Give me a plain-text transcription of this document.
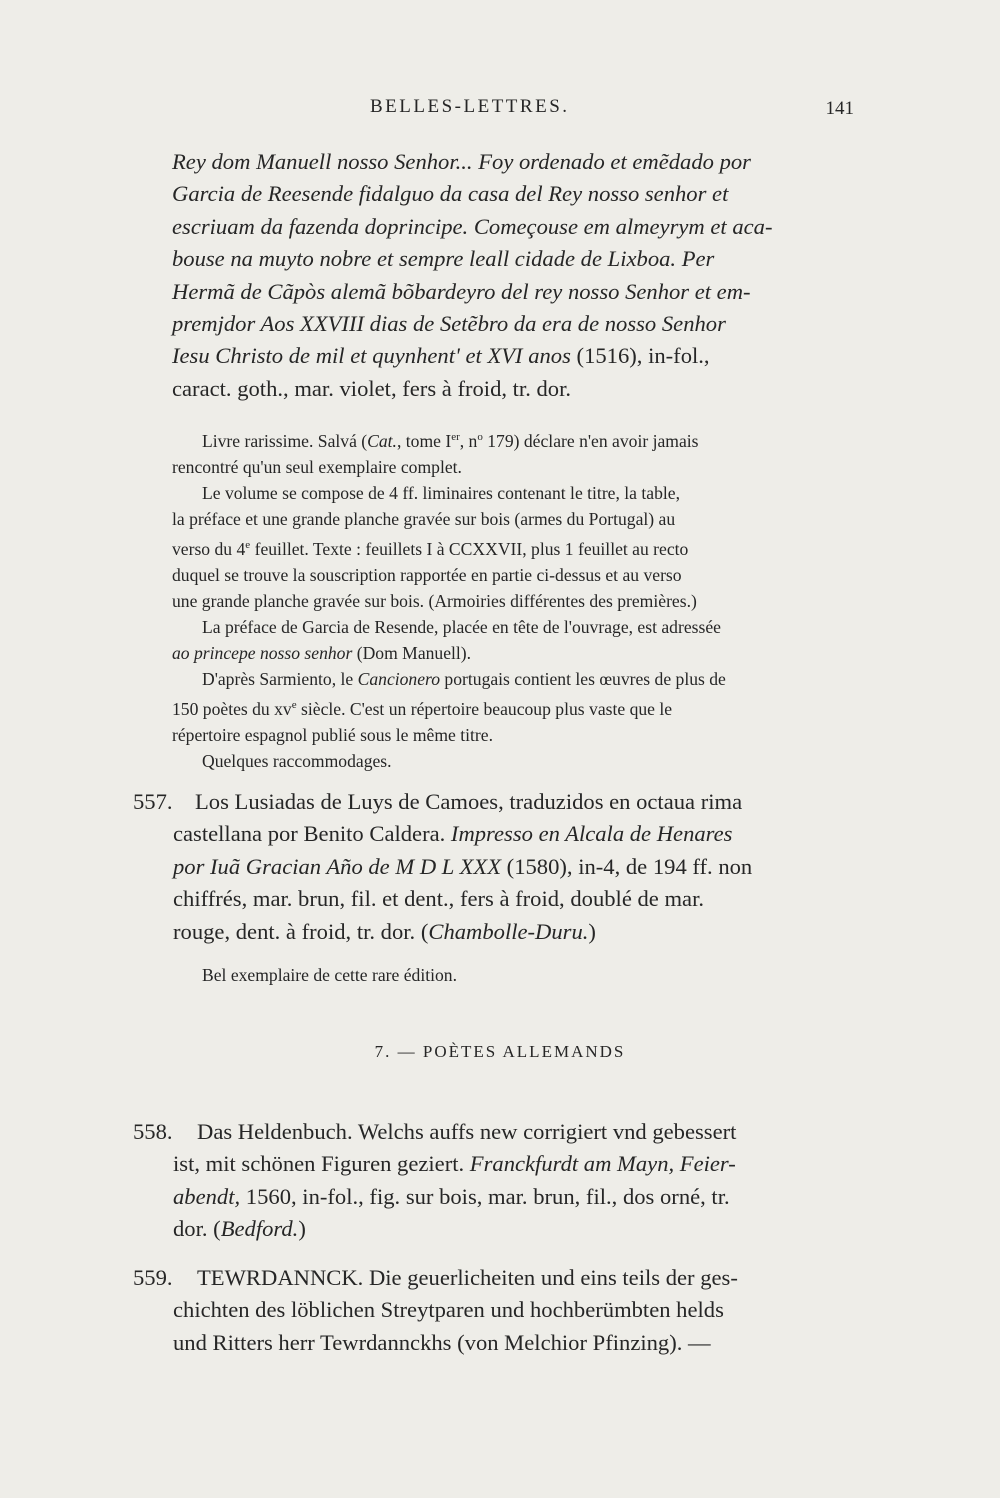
BELLES-LETTRES.	141
Rey dom Manuell nosso Senhor... Foy ordenado et emẽdado por
Garcia de Reesende fidalguo da casa del Rey nosso senhor et
escriuam da fazenda doprincipe. Começouse em almeyrym et aca-
bouse na muyto nobre et sempre leall cidade de Lixboa. Per
Hermã de Cãpòs alemã bõbardeyro del rey nosso Senhor et em-
premjdor Aos XXVIII dias de Setẽbro da era de nosso Senhor
Iesu Christo de mil et quynhent' et XVI anos (1516), in-fol.,
caract. goth., mar. violet, fers à froid, tr. dor.
Livre rarissime. Salvá (Cat., tome Ier, $n^o$ 179) déclare n'en avoir jamais
rencontré qu'un seul exemplaire complet.
Le volume se compose de 4 ff. liminaires contenant le titre, la table,
la préface et une grande planche gravée sur bois (armes du Portugal) au
verso du 4e feuillet. Texte : feuillets I à CCXXVII, plus 1 feuillet au recto
duquel se trouve la souscription rapportée en partie ci-dessus et au verso
une grande planche gravée sur bois. (Armoiries différentes des premières.)
La préface de Garcia de Resende, placée en tête de l'ouvrage, est adressée
ao princepe nosso senhor (Dom Manuell).
D'après Sarmiento, le Cancionero portugais contient les œuvres de plus de
150 poètes du $xv^e$ siècle. C'est un répertoire beaucoup plus vaste que le
répertoire espagnol publié sous le même titre.
Quelques raccommodages.
557. Los Lusiadas de Luys de Camoes, traduzidos en octaua rima
castellana por Benito Caldera. Impresso en Alcala de Henares
por Iuã Gracian Año de M D L XXX (1580), in-4, de 194 ff. non
chiffrés, mar. brun, fil. et dent., fers à froid, doublé de mar.
rouge, dent. à froid, tr. dor. (Chambolle-Duru.)
Bel exemplaire de cette rare édition.
7. — POÈTES ALLEMANDS
558. Das Heldenbuch. Welchs auffs new corrigiert vnd gebessert
ist, mit schönen Figuren geziert. Franckfurdt am Mayn, Feier-
abendt, 1560, in-fol., fig. sur bois, mar. brun, fil., dos orné, tr.
dor. (Bedford.)
559. TEWRDANNCK. Die geuerlicheiten und eins teils der ges-
chichten des löblichen Streytparen und hochberümbten helds
und Ritters herr Tewrdannckhs (von Melchior Pfinzing). —
